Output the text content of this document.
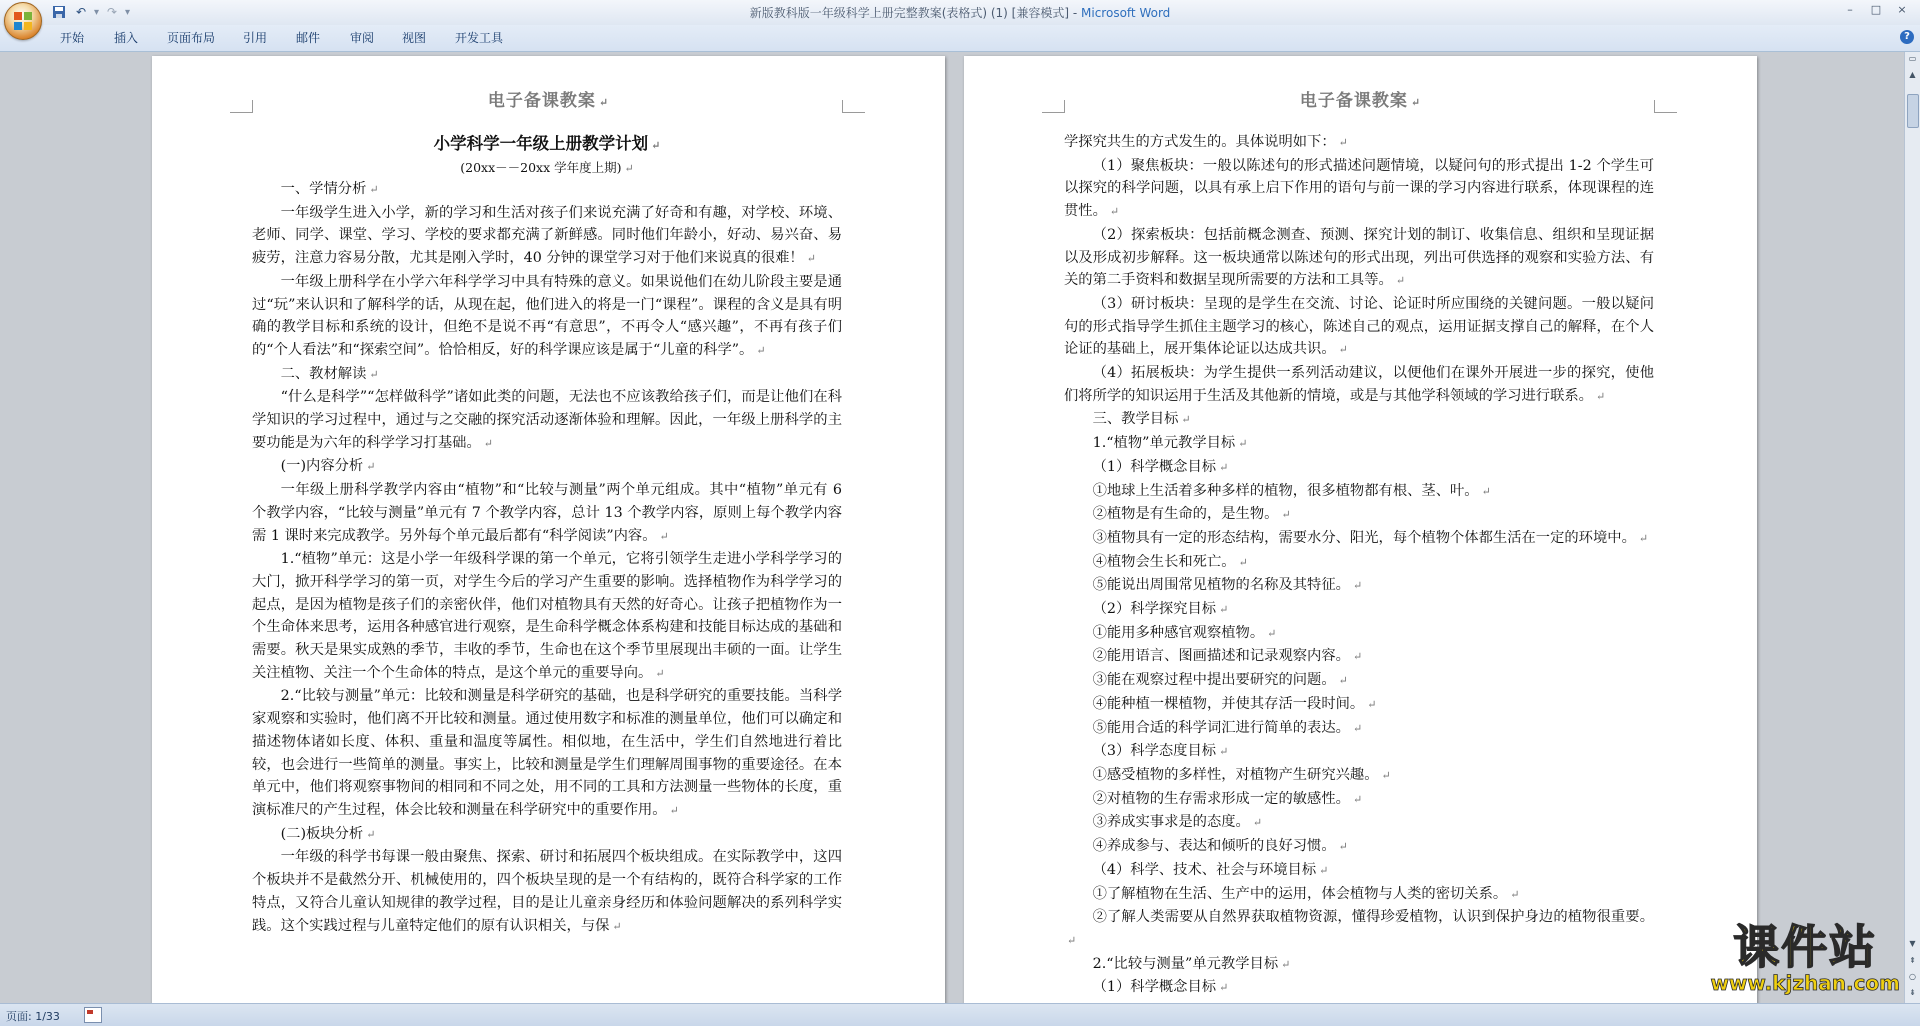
↶ ▾ ↷ ▾	新版教科版一年级科学上册完整教案(表格式) (1) [兼容模式] - Microsoft Word	–	□	×
开始 插入 页面布局 引用 邮件 审阅 视图 开发工具	?
电子备课教案 ↵

小学科学一年级上册教学计划 ↵

(20xx－－20xx 学年度上期) ↵

一、学情分析 ↵

一年级学生进入小学，新的学习和生活对孩子们来说充满了好奇和有趣，对学校、环境、老师、同学、课堂、学习、学校的要求都充满了新鲜感。同时他们年龄小，好动、易兴奋、易疲劳，注意力容易分散，尤其是刚入学时，40 分钟的课堂学习对于他们来说真的很难！ ↵

一年级上册科学在小学六年科学学习中具有特殊的意义。如果说他们在幼儿阶段主要是通过“玩”来认识和了解科学的话，从现在起，他们进入的将是一门“课程”。课程的含义是具有明确的教学目标和系统的设计，但绝不是说不再“有意思”，不再令人“感兴趣”，不再有孩子们的“个人看法”和“探索空间”。恰恰相反，好的科学课应该是属于“儿童的科学”。 ↵

二、教材解读 ↵

“什么是科学”“怎样做科学”诸如此类的问题，无法也不应该教给孩子们，而是让他们在科学知识的学习过程中，通过与之交融的探究活动逐渐体验和理解。因此，一年级上册科学的主要功能是为六年的科学学习打基础。 ↵

(一)内容分析 ↵

一年级上册科学教学内容由“植物”和“比较与测量”两个单元组成。其中“植物”单元有 6 个教学内容，“比较与测量”单元有 7 个教学内容，总计 13 个教学内容，原则上每个教学内容需 1 课时来完成教学。另外每个单元最后都有“科学阅读”内容。 ↵

1.“植物”单元：这是小学一年级科学课的第一个单元，它将引领学生走进小学科学学习的大门，掀开科学学习的第一页，对学生今后的学习产生重要的影响。选择植物作为科学学习的起点，是因为植物是孩子们的亲密伙伴，他们对植物具有天然的好奇心。让孩子把植物作为一个生命体来思考，运用各种感官进行观察，是生命科学概念体系构建和技能目标达成的基础和需要。秋天是果实成熟的季节，丰收的季节，生命也在这个季节里展现出丰硕的一面。让学生关注植物、关注一个个生命体的特点，是这个单元的重要导向。 ↵

2.“比较与测量”单元：比较和测量是科学研究的基础，也是科学研究的重要技能。当科学家观察和实验时，他们离不开比较和测量。通过使用数字和标准的测量单位，他们可以确定和描述物体诸如长度、体积、重量和温度等属性。相似地，在生活中，学生们自然地进行着比较，也会进行一些简单的测量。事实上，比较和测量是学生们理解周围事物的重要途径。在本单元中，他们将观察事物间的相同和不同之处，用不同的工具和方法测量一些物体的长度，重演标准尺的产生过程，体会比较和测量在科学研究中的重要作用。 ↵

(二)板块分析 ↵

一年级的科学书每课一般由聚焦、探索、研讨和拓展四个板块组成。在实际教学中，这四个板块并不是截然分开、机械使用的，四个板块呈现的是一个有结构的，既符合科学家的工作特点，又符合儿童认知规律的教学过程，目的是让儿童亲身经历和体验问题解决的系列科学实践。这个实践过程与儿童特定他们的原有认识相关，与保 ↵

电子备课教案 ↵

学探究共生的方式发生的。具体说明如下： ↵

（1）聚焦板块：一般以陈述句的形式描述问题情境，以疑问句的形式提出 1-2 个学生可以探究的科学问题，以具有承上启下作用的语句与前一课的学习内容进行联系，体现课程的连贯性。 ↵

（2）探索板块：包括前概念测查、预测、探究计划的制订、收集信息、组织和呈现证据以及形成初步解释。这一板块通常以陈述句的形式出现，列出可供选择的观察和实验方法、有关的第二手资料和数据呈现所需要的方法和工具等。 ↵

（3）研讨板块：呈现的是学生在交流、讨论、论证时所应围绕的关键问题。一般以疑问句的形式指导学生抓住主题学习的核心，陈述自己的观点，运用证据支撑自己的解释，在个人论证的基础上，展开集体论证以达成共识。 ↵

（4）拓展板块：为学生提供一系列活动建议，以便他们在课外开展进一步的探究，使他们将所学的知识运用于生活及其他新的情境，或是与其他学科领域的学习进行联系。 ↵

三、教学目标 ↵

1.“植物”单元教学目标 ↵

（1）科学概念目标 ↵

①地球上生活着多种多样的植物，很多植物都有根、茎、叶。 ↵

②植物是有生命的，是生物。 ↵

③植物具有一定的形态结构，需要水分、阳光，每个植物个体都生活在一定的环境中。 ↵

④植物会生长和死亡。 ↵

⑤能说出周围常见植物的名称及其特征。 ↵

（2）科学探究目标 ↵

①能用多种感官观察植物。 ↵

②能用语言、图画描述和记录观察内容。 ↵

③能在观察过程中提出要研究的问题。 ↵

④能种植一棵植物，并使其存活一段时间。 ↵

⑤能用合适的科学词汇进行简单的表达。 ↵

（3）科学态度目标 ↵

①感受植物的多样性，对植物产生研究兴趣。 ↵

②对植物的生存需求形成一定的敏感性。 ↵

③养成实事求是的态度。 ↵

④养成参与、表达和倾听的良好习惯。 ↵

（4）科学、技术、社会与环境目标 ↵

①了解植物在生活、生产中的运用，体会植物与人类的密切关系。 ↵

②了解人类需要从自然界获取植物资源，懂得珍爱植物，认识到保护身边的植物很重要。↵

2.“比较与测量”单元教学目标 ↵

（1）科学概念目标 ↵

▭
▲
▼
⇞
○
⇟
课件站
www.kjzhan.com
页面: 1/33
